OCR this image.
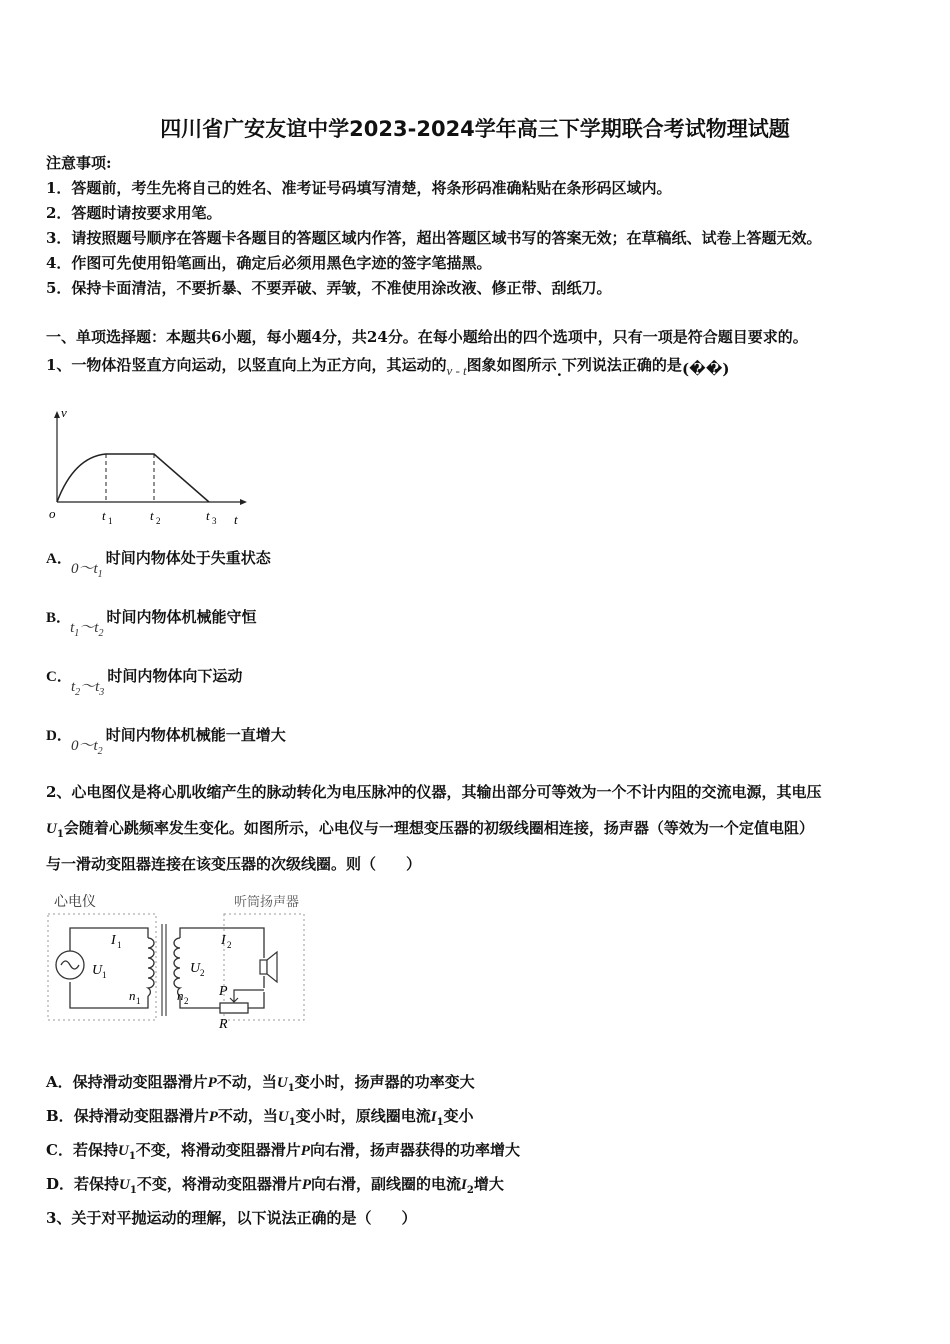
四川省广安友谊中学2023-2024学年高三下学期联合考试物理试题
注意事项:
1．答题前，考生先将自己的姓名、准考证号码填写清楚，将条形码准确粘贴在条形码区域内。
2．答题时请按要求用笔。
3．请按照题号顺序在答题卡各题目的答题区域内作答，超出答题区域书写的答案无效；在草稿纸、试卷上答题无效。
4．作图可先使用铅笔画出，确定后必须用黑色字迹的签字笔描黑。
5．保持卡面清洁，不要折暴、不要弄破、弄皱，不准使用涂改液、修正带、刮纸刀。
一、单项选择题：本题共6小题，每小题4分，共24分。在每小题给出的四个选项中，只有一项是符合题目要求的。
1、一物体沿竖直方向运动，以竖直向上为正方向，其运动的v - t图象如图所示.下列说法正确的是(��)
v
o	t
t 1	t 2	t 3
A． $0\sim t_1$ 时间内物体处于失重状态
B． $t_1\sim t_2$ 时间内物体机械能守恒
C． $t_2\sim t_3$ 时间内物体向下运动
D． $0\sim t_2$ 时间内物体机械能一直增大
2、心电图仪是将心肌收缩产生的脉动转化为电压脉冲的仪器，其输出部分可等效为一个不计内阻的交流电源，其电压
$U_1$会随着心跳频率发生变化。如图所示，心电仪与一理想变压器的初级线圈相连接，扬声器（等效为一个定值电阻）
与一滑动变阻器连接在该变压器的次级线圈。则（　　）
心电仪	听筒扬声器
I 1
U 1
n 1
U 2
n 2
I 2
P
R
A．保持滑动变阻器滑片P不动，当$U_1$变小时，扬声器的功率变大
B．保持滑动变阻器滑片P不动，当$U_1$变小时，原线圈电流$I_1$变小
C．若保持$U_1$不变，将滑动变阻器滑片P向右滑，扬声器获得的功率增大
D．若保持$U_1$不变，将滑动变阻器滑片P向右滑，副线圈的电流$I_2$增大
3、关于对平抛运动的理解，以下说法正确的是（　　）
